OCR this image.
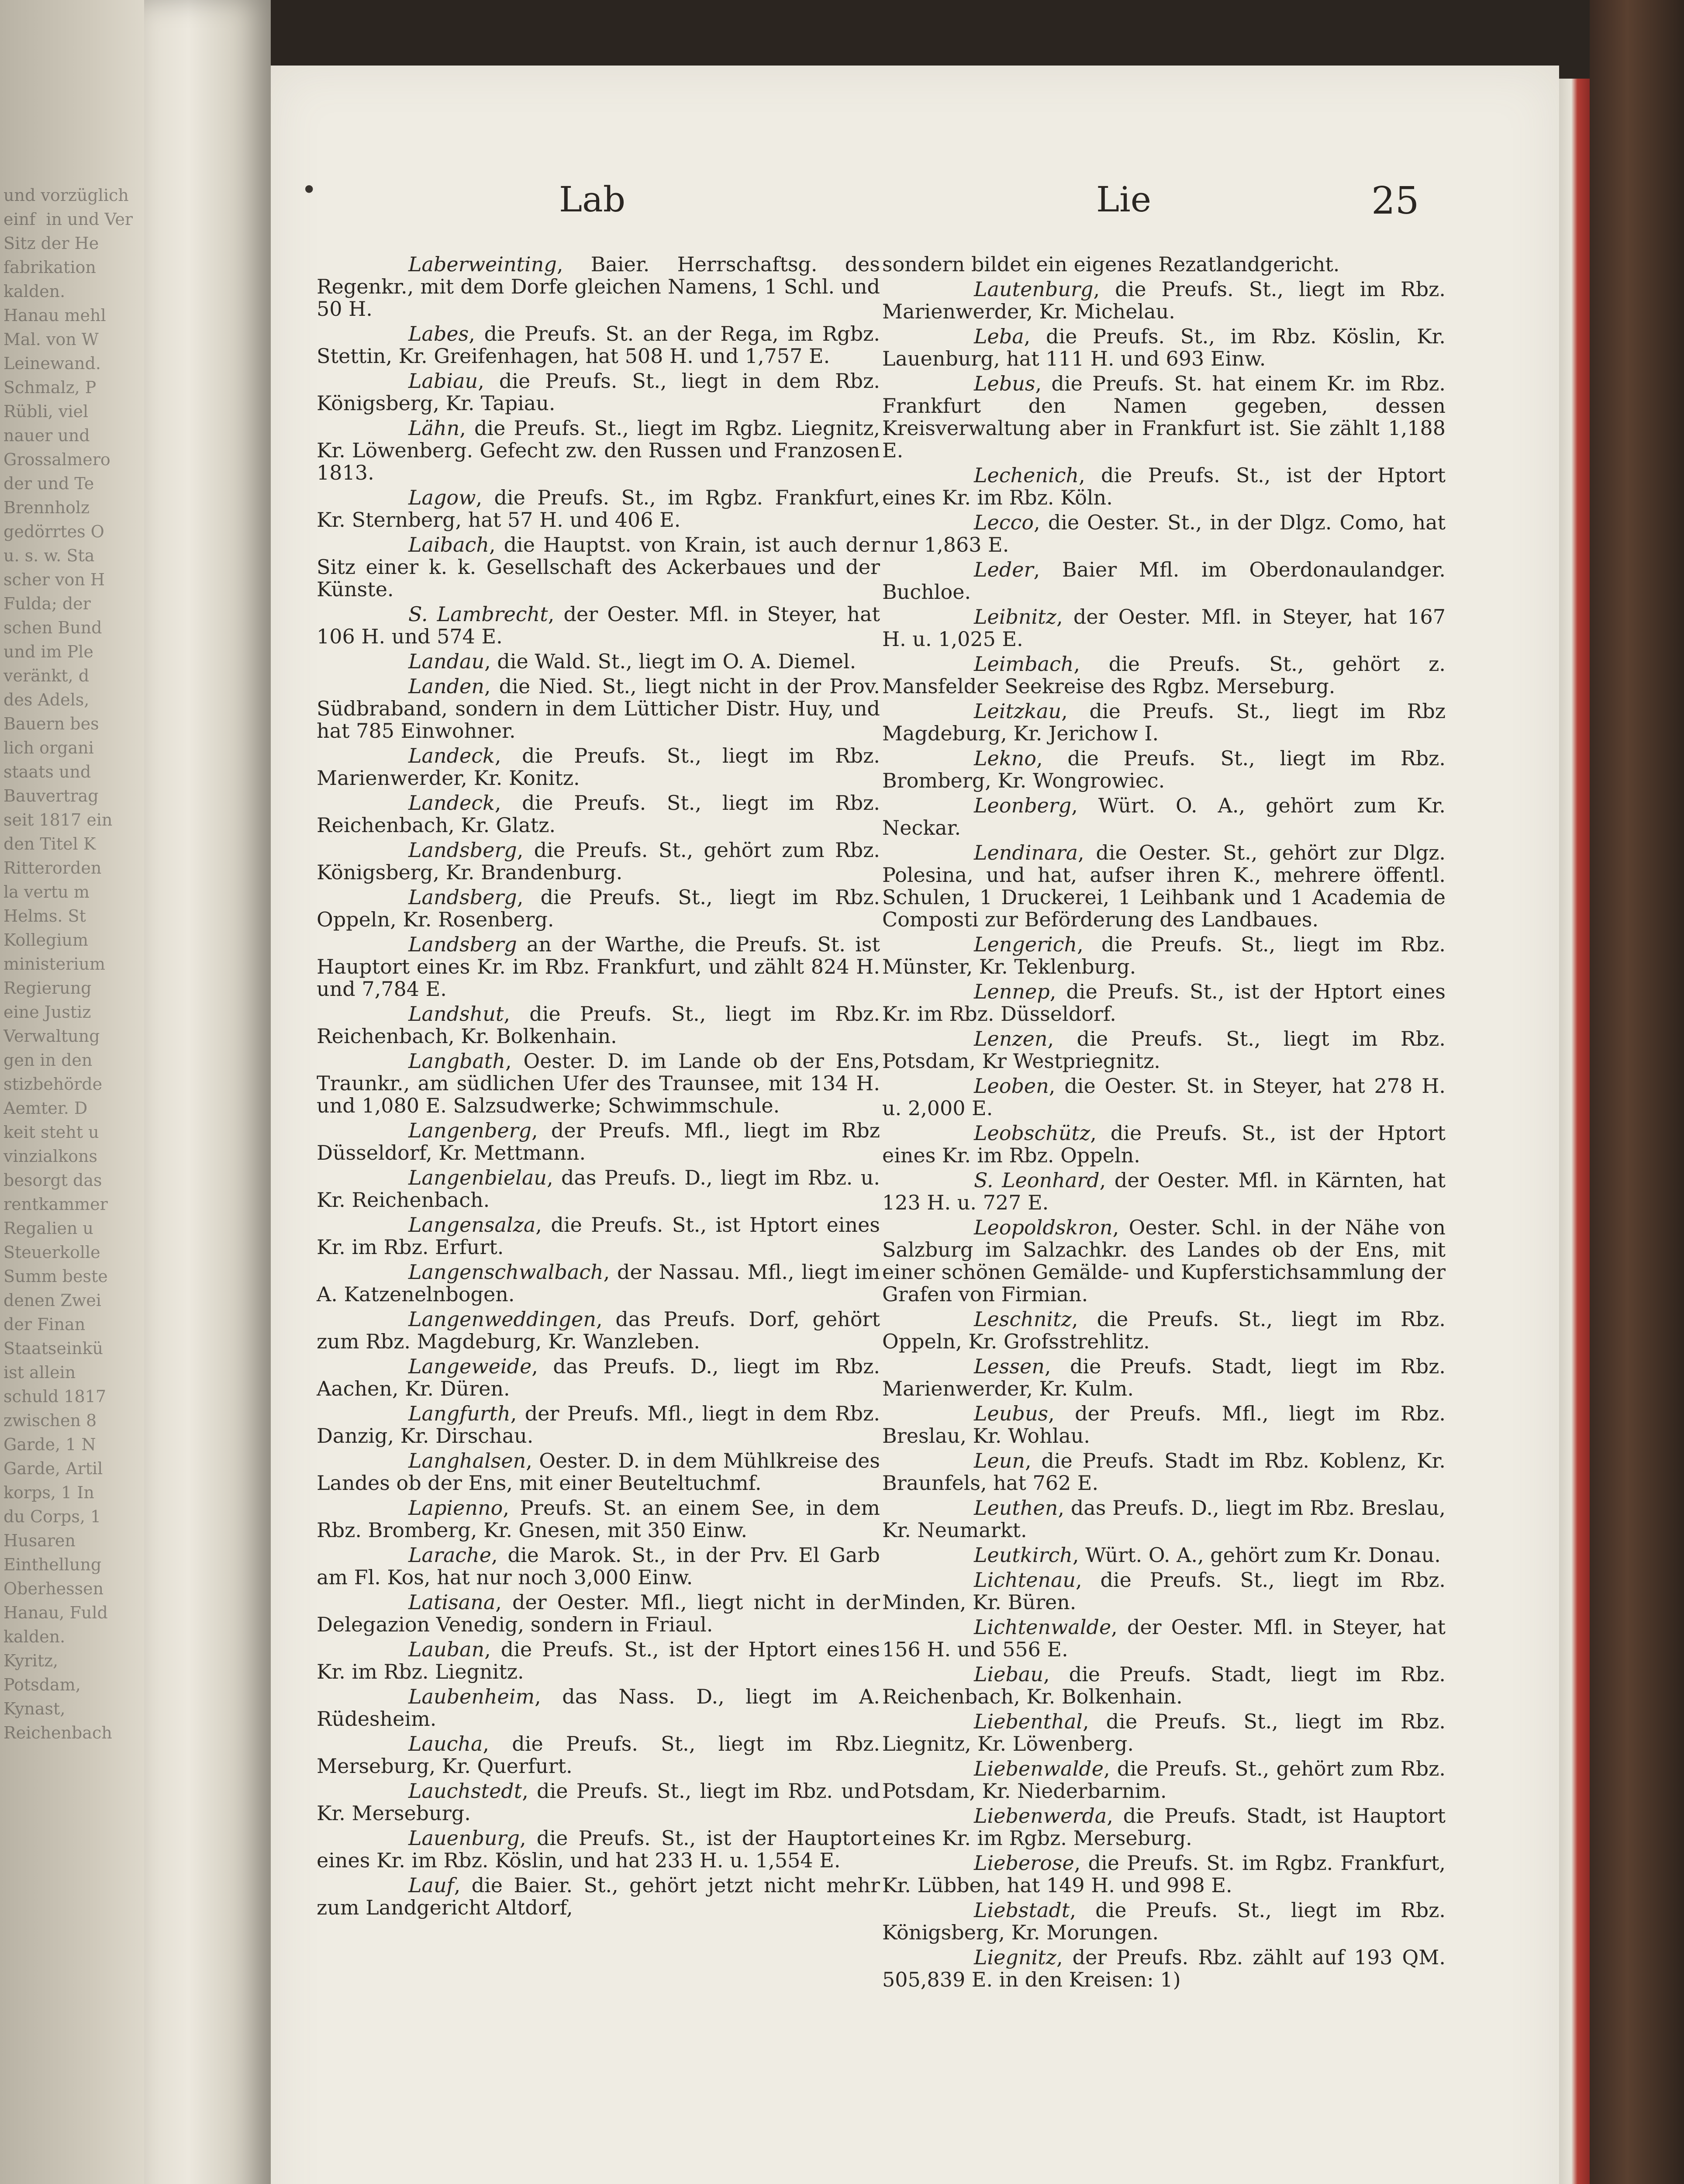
und vorzüglich
einf  in und Ver
Sitz der He
fabrikation
kalden.
Hanau mehl
Mal. von W
Leinewand.
Schmalz, P
Rübli, viel
nauer und
Grossalmero
der und Te
Brennholz
gedörrtes O
u. s. w. Sta
scher von H
Fulda; der
schen Bund
und im Ple
veränkt, d
des Adels,
Bauern bes
lich organi
staats und
Bauvertrag
seit 1817 ein
den Titel K
Ritterorden
la vertu m
Helms. St
Kollegium
ministerium
Regierung
eine Justiz
Verwaltung
gen in den
stizbehörde
Aemter. D
keit steht u
vinzialkons
besorgt das
rentkammer
Regalien u
Steuerkolle
Summ beste
denen Zwei
der Finan
Staatseinkü
ist allein
schuld 1817
zwischen 8
Garde, 1 N
Garde, Artil
korps, 1 In
du Corps, 1
Husaren
Einthellung
Oberhessen
Hanau, Fuld
kalden.
Kyritz,
Potsdam,
Kynast,
Reichenbach
•	Lab	Lie	25

Laberweinting, Baier. Herrschaftsg. des Regenkr., mit dem Dorfe gleichen Namens, 1 Schl. und 50 H.

Labes, die Preufs. St. an der Rega, im Rgbz. Stettin, Kr. Greifenhagen, hat 508 H. und 1,757 E.

Labiau, die Preufs. St., liegt in dem Rbz. Königsberg, Kr. Tapiau.

Lähn, die Preufs. St., liegt im Rgbz. Liegnitz, Kr. Löwenberg. Gefecht zw. den Russen und Franzosen 1813.

Lagow, die Preufs. St., im Rgbz. Frankfurt, Kr. Sternberg, hat 57 H. und 406 E.

Laibach, die Hauptst. von Krain, ist auch der Sitz einer k. k. Gesellschaft des Ackerbaues und der Künste.

S. Lambrecht, der Oester. Mfl. in Steyer, hat 106 H. und 574 E.

Landau, die Wald. St., liegt im O. A. Diemel.

Landen, die Nied. St., liegt nicht in der Prov. Südbraband, sondern in dem Lütticher Distr. Huy, und hat 785 Einwohner.

Landeck, die Preufs. St., liegt im Rbz. Marienwerder, Kr. Konitz.

Landeck, die Preufs. St., liegt im Rbz. Reichenbach, Kr. Glatz.

Landsberg, die Preufs. St., gehört zum Rbz. Königsberg, Kr. Brandenburg.

Landsberg, die Preufs. St., liegt im Rbz. Oppeln, Kr. Rosenberg.

Landsberg an der Warthe, die Preufs. St. ist Hauptort eines Kr. im Rbz. Frankfurt, und zählt 824 H. und 7,784 E.

Landshut, die Preufs. St., liegt im Rbz. Reichenbach, Kr. Bolkenhain.

Langbath, Oester. D. im Lande ob der Ens, Traunkr., am südlichen Ufer des Traunsee, mit 134 H. und 1,080 E. Salzsudwerke; Schwimmschule.

Langenberg, der Preufs. Mfl., liegt im Rbz Düsseldorf, Kr. Mettmann.

Langenbielau, das Preufs. D., liegt im Rbz. u. Kr. Reichenbach.

Langensalza, die Preufs. St., ist Hptort eines Kr. im Rbz. Erfurt.

Langenschwalbach, der Nassau. Mfl., liegt im A. Katzenelnbogen.

Langenweddingen, das Preufs. Dorf, gehört zum Rbz. Magdeburg, Kr. Wanzleben.

Langeweide, das Preufs. D., liegt im Rbz. Aachen, Kr. Düren.

Langfurth, der Preufs. Mfl., liegt in dem Rbz. Danzig, Kr. Dirschau.

Langhalsen, Oester. D. in dem Mühlkreise des Landes ob der Ens, mit einer Beuteltuchmf.

Lapienno, Preufs. St. an einem See, in dem Rbz. Bromberg, Kr. Gnesen, mit 350 Einw.

Larache, die Marok. St., in der Prv. El Garb am Fl. Kos, hat nur noch 3,000 Einw.

Latisana, der Oester. Mfl., liegt nicht in der Delegazion Venedig, sondern in Friaul.

Lauban, die Preufs. St., ist der Hptort eines Kr. im Rbz. Liegnitz.

Laubenheim, das Nass. D., liegt im A. Rüdesheim.

Laucha, die Preufs. St., liegt im Rbz. Merseburg, Kr. Querfurt.

Lauchstedt, die Preufs. St., liegt im Rbz. und Kr. Merseburg.

Lauenburg, die Preufs. St., ist der Hauptort eines Kr. im Rbz. Köslin, und hat 233 H. u. 1,554 E.

Lauf, die Baier. St., gehört jetzt nicht mehr zum Landgericht Altdorf,

sondern bildet ein eigenes Rezatlandgericht.

Lautenburg, die Preufs. St., liegt im Rbz. Marienwerder, Kr. Michelau.

Leba, die Preufs. St., im Rbz. Köslin, Kr. Lauenburg, hat 111 H. und 693 Einw.

Lebus, die Preufs. St. hat einem Kr. im Rbz. Frankfurt den Namen gegeben, dessen Kreisverwaltung aber in Frankfurt ist. Sie zählt 1,188 E.

Lechenich, die Preufs. St., ist der Hptort eines Kr. im Rbz. Köln.

Lecco, die Oester. St., in der Dlgz. Como, hat nur 1,863 E.

Leder, Baier Mfl. im Oberdonaulandger. Buchloe.

Leibnitz, der Oester. Mfl. in Steyer, hat 167 H. u. 1,025 E.

Leimbach, die Preufs. St., gehört z. Mansfelder Seekreise des Rgbz. Merseburg.

Leitzkau, die Preufs. St., liegt im Rbz Magdeburg, Kr. Jerichow I.

Lekno, die Preufs. St., liegt im Rbz. Bromberg, Kr. Wongrowiec.

Leonberg, Würt. O. A., gehört zum Kr. Neckar.

Lendinara, die Oester. St., gehört zur Dlgz. Polesina, und hat, aufser ihren K., mehrere öffentl. Schulen, 1 Druckerei, 1 Leihbank und 1 Academia de Composti zur Beförderung des Landbaues.

Lengerich, die Preufs. St., liegt im Rbz. Münster, Kr. Teklenburg.

Lennep, die Preufs. St., ist der Hptort eines Kr. im Rbz. Düsseldorf.

Lenzen, die Preufs. St., liegt im Rbz. Potsdam, Kr Westpriegnitz.

Leoben, die Oester. St. in Steyer, hat 278 H. u. 2,000 E.

Leobschütz, die Preufs. St., ist der Hptort eines Kr. im Rbz. Oppeln.

S. Leonhard, der Oester. Mfl. in Kärnten, hat 123 H. u. 727 E.

Leopoldskron, Oester. Schl. in der Nähe von Salzburg im Salzachkr. des Landes ob der Ens, mit einer schönen Gemälde- und Kupferstichsammlung der Grafen von Firmian.

Leschnitz, die Preufs. St., liegt im Rbz. Oppeln, Kr. Grofsstrehlitz.

Lessen, die Preufs. Stadt, liegt im Rbz. Marienwerder, Kr. Kulm.

Leubus, der Preufs. Mfl., liegt im Rbz. Breslau, Kr. Wohlau.

Leun, die Preufs. Stadt im Rbz. Koblenz, Kr. Braunfels, hat 762 E.

Leuthen, das Preufs. D., liegt im Rbz. Breslau, Kr. Neumarkt.

Leutkirch, Würt. O. A., gehört zum Kr. Donau.

Lichtenau, die Preufs. St., liegt im Rbz. Minden, Kr. Büren.

Lichtenwalde, der Oester. Mfl. in Steyer, hat 156 H. und 556 E.

Liebau, die Preufs. Stadt, liegt im Rbz. Reichenbach, Kr. Bolkenhain.

Liebenthal, die Preufs. St., liegt im Rbz. Liegnitz, Kr. Löwenberg.

Liebenwalde, die Preufs. St., gehört zum Rbz. Potsdam, Kr. Niederbarnim.

Liebenwerda, die Preufs. Stadt, ist Hauptort eines Kr. im Rgbz. Merseburg.

Lieberose, die Preufs. St. im Rgbz. Frankfurt, Kr. Lübben, hat 149 H. und 998 E.

Liebstadt, die Preufs. St., liegt im Rbz. Königsberg, Kr. Morungen.

Liegnitz, der Preufs. Rbz. zählt auf 193 QM. 505,839 E. in den Kreisen: 1)
